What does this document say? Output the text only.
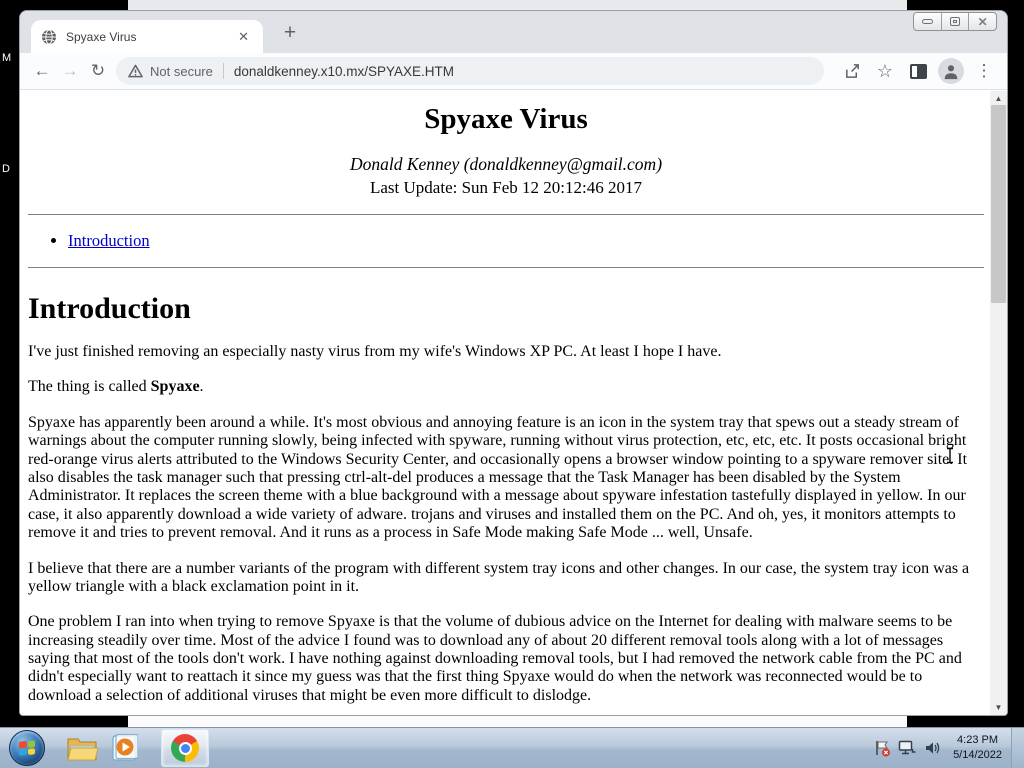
M
D
Spyaxe Virus	✕	+	✕
← → ↻	Not secure donaldkenney.x10.mx/SPYAXE.HTM	☆	⋮
Spyaxe Virus
Donald Kenney (donaldkenney@gmail.com)
Last Update: Sun Feb 12 20:12:46 2017
• Introduction
Introduction

I've just finished removing an especially nasty virus from my wife's Windows XP PC. At least I hope I have.

The thing is called Spyaxe.

Spyaxe has apparently been around a while. It's most obvious and annoying feature is an icon in the system tray that spews out a steady stream of warnings about the computer running slowly, being infected with spyware, running without virus protection, etc, etc, etc. It posts occasional bright red-orange virus alerts attributed to the Windows Security Center, and occasionally opens a browser window pointing to a spyware remover site. It also disables the task manager such that pressing ctrl-alt-del produces a message that the Task Manager has been disabled by the System Administrator. It replaces the screen theme with a blue background with a message about spyware infestation tastefully displayed in yellow. In our case, it also apparently download a wide variety of adware. trojans and viruses and installed them on the PC. And oh, yes, it monitors attempts to remove it and tries to prevent removal. And it runs as a process in Safe Mode making Safe Mode ... well, Unsafe.

I believe that there are a number variants of the program with different system tray icons and other changes. In our case, the system tray icon was a yellow triangle with a black exclamation point in it.

One problem I ran into when trying to remove Spyaxe is that the volume of dubious advice on the Internet for dealing with malware seems to be increasing steadily over time. Most of the advice I found was to download any of about 20 different removal tools along with a lot of messages saying that most of the tools don't work. I have nothing against downloading removal tools, but I had removed the network cable from the PC and didn't especially want to reattach it since my guess was that the first thing Spyaxe would do when the network was reconnected would be to download a selection of additional viruses that might be even more difficult to dislodge.

▲
▼
4:23 PM
5/14/2022
